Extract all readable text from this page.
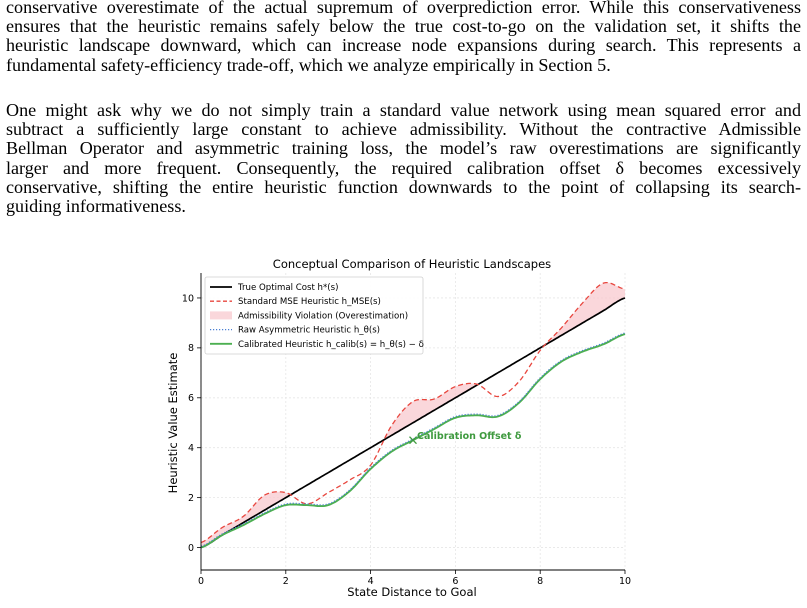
conservative overestimate of the actual supremum of overprediction error. While this conservativeness
ensures that the heuristic remains safely below the true cost-to-go on the validation set, it shifts the
heuristic landscape downward, which can increase node expansions during search. This represents a
fundamental safety-efficiency trade-off, which we analyze empirically in Section 5.
One might ask why we do not simply train a standard value network using mean squared error and
subtract a sufficiently large constant to achieve admissibility. Without the contractive Admissible
Bellman Operator and asymmetric training loss, the model’s raw overestimations are significantly
larger and more frequent. Consequently, the required calibration offset δ becomes excessively
conservative, shifting the entire heuristic function downwards to the point of collapsing its search-
guiding informativeness.
Conceptual Comparison of Heuristic Landscapes
0	2	4	6	8	10
0
2
4
6
8
10
True Optimal Cost h*(s)
Standard MSE Heuristic h_MSE(s)
Admissibility Violation (Overestimation)
Raw Asymmetric Heuristic h_θ(s)
Calibrated Heuristic h_calib(s) = h_θ(s) − δ
Calibration Offset δ
State Distance to Goal
Heuristic Value Estimate
